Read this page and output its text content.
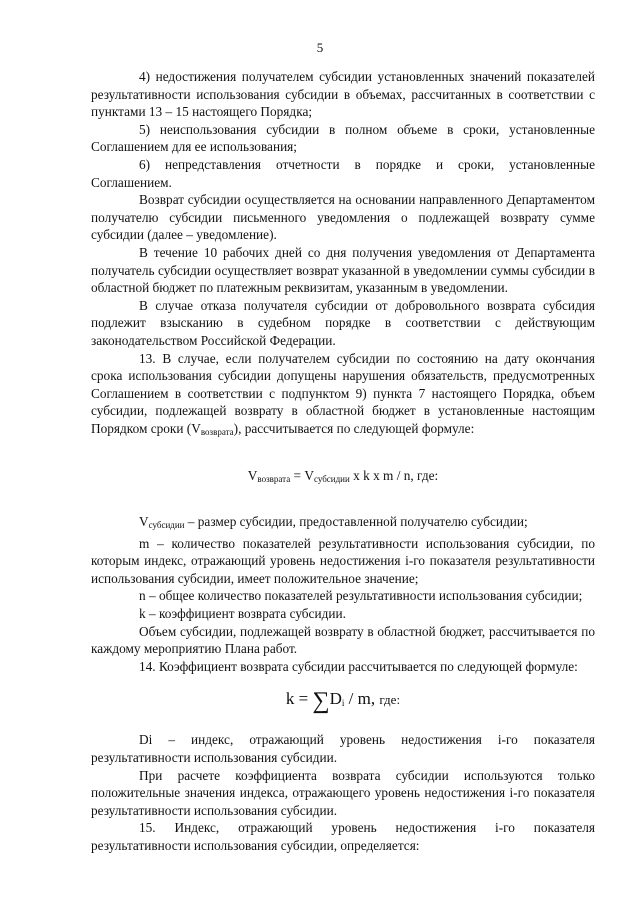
5

4) недостижения получателем субсидии установленных значений показателей результативности использования субсидии в объемах, рассчитанных в соответствии с пунктами 13 – 15 настоящего Порядка;

5) неиспользования субсидии в полном объеме в сроки, установленные Соглашением для ее использования;

6) непредставления отчетности в порядке и сроки, установленные Соглашением.

Возврат субсидии осуществляется на основании направленного Департаментом получателю субсидии письменного уведомления о подлежащей возврату сумме субсидии (далее – уведомление).

В течение 10 рабочих дней со дня получения уведомления от Департамента получатель субсидии осуществляет возврат указанной в уведомлении суммы субсидии в областной бюджет по платежным реквизитам, указанным в уведомлении.

В случае отказа получателя субсидии от добровольного возврата субсидия подлежит взысканию в судебном порядке в соответствии с действующим законодательством Российской Федерации.

13. В случае, если получателем субсидии по состоянию на дату окончания срока использования субсидии допущены нарушения обязательств, предусмотренных Соглашением в соответствии с подпунктом 9) пункта 7 настоящего Порядка, объем субсидии, подлежащей возврату в областной бюджет в установленные настоящим Порядком сроки $(V_{возврата})$, рассчитывается по следующей формуле:

$V_{возврата} = V_{субсидии}$ x k x m / n, где:

$V_{субсидии}$ – размер субсидии, предоставленной получателю субсидии;

m – количество показателей результативности использования субсидии, по которым индекс, отражающий уровень недостижения i-го показателя результативности использования субсидии, имеет положительное значение;

n – общее количество показателей результативности использования субсидии;

k – коэффициент возврата субсидии.

Объем субсидии, подлежащей возврату в областной бюджет, рассчитывается по каждому мероприятию Плана работ.

14. Коэффициент возврата субсидии рассчитывается по следующей формуле:

$k = \sum D_i / m$, где:

Di – индекс, отражающий уровень недостижения i-го показателя результативности использования субсидии.

При расчете коэффициента возврата субсидии используются только положительные значения индекса, отражающего уровень недостижения i-го показателя результативности использования субсидии.

15. Индекс, отражающий уровень недостижения i-го показателя результативности использования субсидии, определяется:
